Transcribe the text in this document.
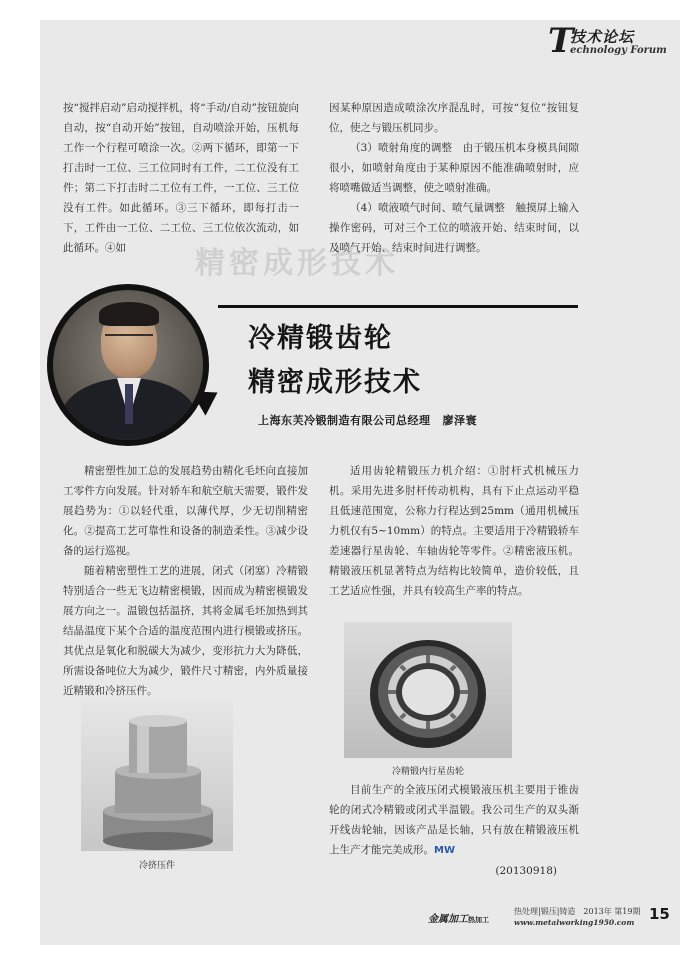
T
技术论坛
echnology Forum
精密成形技术

按“搅拌启动”启动搅拌机，将“手动/自动”按钮旋向自动，按“自动开始”按钮，自动喷涂开始，压机每工作一个行程可喷涂一次。②两下循环，即第一下打击时一工位、三工位同时有工件，二工位没有工件；第二下打击时二工位有工件，一工位、三工位没有工件。如此循环。③三下循环，即每打击一下，工件由一工位、二工位、三工位依次流动，如此循环。④如

因某种原因造成喷涂次序混乱时，可按“复位”按钮复位，使之与锻压机同步。

（3）喷射角度的调整　由于锻压机本身模具间隙很小，如喷射角度由于某种原因不能准确喷射时，应将喷嘴做适当调整，使之喷射准确。

（4）喷液喷气时间、喷气量调整　触摸屏上输入操作密码，可对三个工位的喷液开始、结束时间，以及喷气开始、结束时间进行调整。

冷精锻齿轮
精密成形技术
上海东芙冷锻制造有限公司总经理 廖泽寰

精密塑性加工总的发展趋势由精化毛坯向直接加工零件方向发展。针对轿车和航空航天需要，锻件发展趋势为：①以轻代重，以薄代厚，少无切削精密化。②提高工艺可靠性和设备的制造柔性。③减少设备的运行巡视。

随着精密塑性工艺的进展，闭式（闭塞）冷精锻特别适合一些无飞边精密模锻，因而成为精密模锻发展方向之一。温锻包括温挤，其将金属毛坯加热到其结晶温度下某个合适的温度范围内进行模锻或挤压。其优点是氧化和脱碳大为减少，变形抗力大为降低，所需设备吨位大为减少，锻件尺寸精密，内外质量接近精锻和冷挤压件。

适用齿轮精锻压力机介绍：①肘杆式机械压力机。采用先进多肘杆传动机构，具有下止点运动平稳且低速范围宽，公称力行程达到25mm（通用机械压力机仅有5~10mm）的特点。主要适用于冷精锻轿车差速器行星齿轮、车轴齿轮等零件。②精密液压机。精锻液压机显著特点为结构比较简单，造价较低，且工艺适应性强，并具有较高生产率的特点。

冷精锻内行星齿轮

目前生产的全液压闭式模锻液压机主要用于锥齿轮的闭式冷精锻或闭式半温锻。我公司生产的双头渐开线齿轮轴，因该产品是长轴，只有放在精锻液压机上生产才能完美成形。MW

(20130918)

冷挤压件
金属加工热加工
热处理|锻压|铸造　2013年 第19期
www.metalworking1950.com 15
